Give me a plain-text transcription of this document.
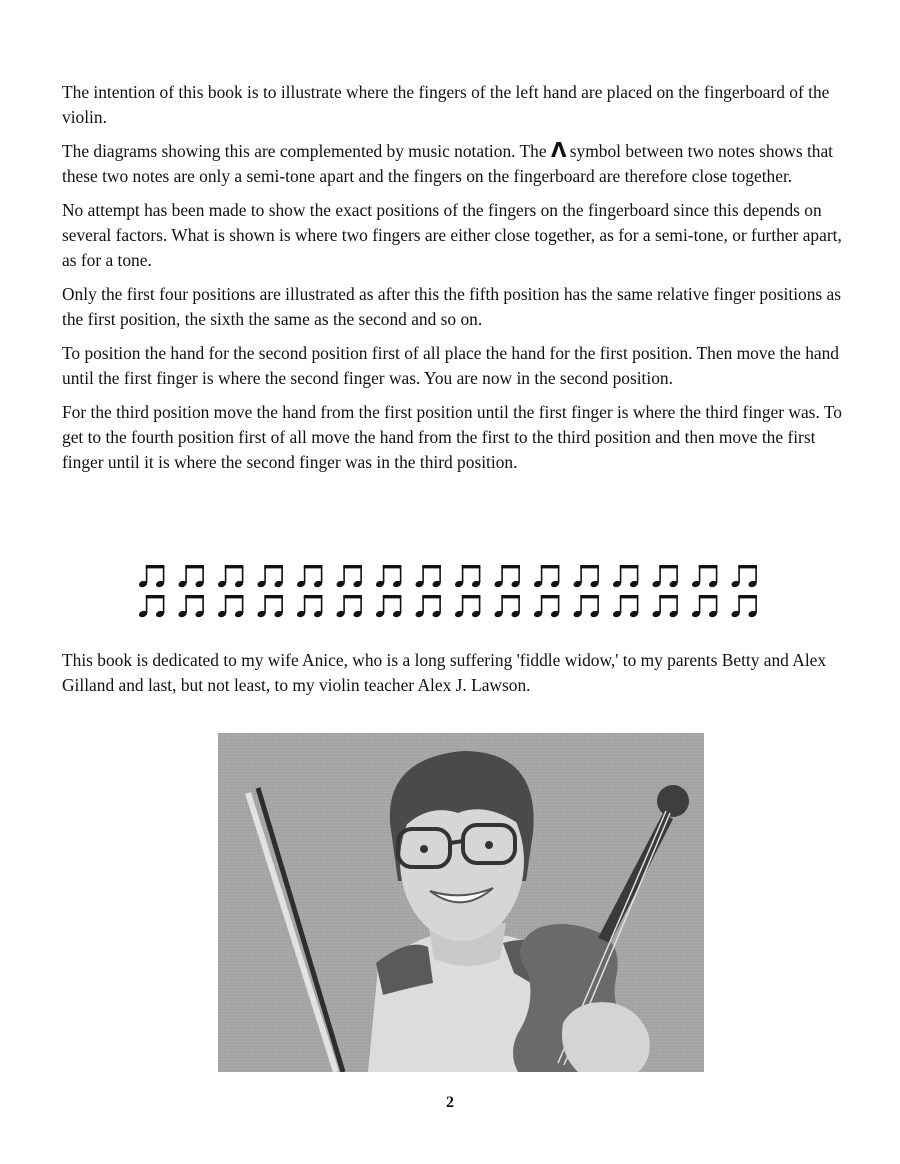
The intention of this book is to illustrate where the fingers of the left hand are placed on the fingerboard of the violin.

The diagrams showing this are complemented by music notation. The Λ symbol between two notes shows that these two notes are only a semi-tone apart and the fingers on the fingerboard are therefore close together.

No attempt has been made to show the exact positions of the fingers on the fingerboard since this depends on several factors. What is shown is where two fingers are either close together, as for a semi-tone, or further apart, as for a tone.

Only the first four positions are illustrated as after this the fifth position has the same relative finger positions as the first position, the sixth the same as the second and so on.

To position the hand for the second position first of all place the hand for the first position. Then move the hand until the first finger is where the second finger was. You are now in the second position.

For the third position move the hand from the first position until the first finger is where the third finger was. To get to the fourth position first of all move the hand from the first to the third position and then move the first finger until it is where the second finger was in the third position.

This book is dedicated to my wife Anice, who is a long suffering 'fiddle widow,' to my parents Betty and Alex Gilland and last, but not least, to my violin teacher Alex J. Lawson.

2
